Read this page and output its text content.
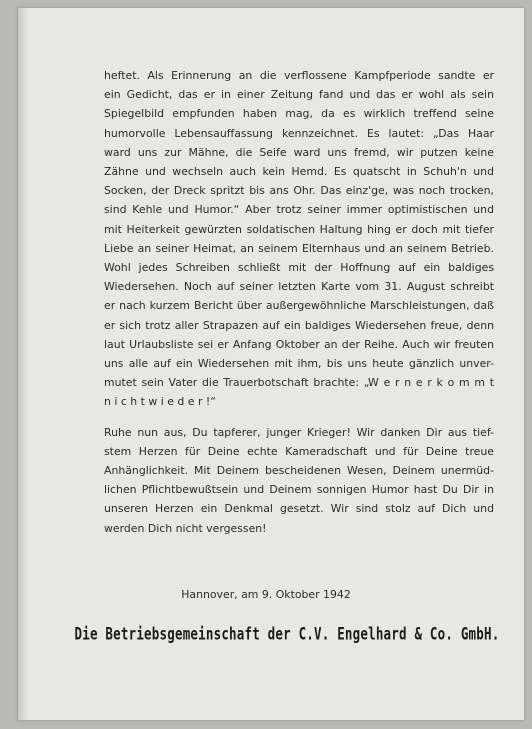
heftet. Als Erinnerung an die verflossene Kampfperiode sandte er
ein Gedicht, das er in einer Zeitung fand und das er wohl als sein
Spiegelbild empfunden haben mag, da es wirklich treffend seine
humorvolle Lebensauffassung kennzeichnet. Es lautet: „Das Haar
ward uns zur Mähne, die Seife ward uns fremd, wir putzen keine
Zähne und wechseln auch kein Hemd. Es quatscht in Schuh'n und
Socken, der Dreck spritzt bis ans Ohr. Das einz'ge, was noch trocken,
sind Kehle und Humor.“ Aber trotz seiner immer optimistischen und
mit Heiterkeit gewürzten soldatischen Haltung hing er doch mit tiefer
Liebe an seiner Heimat, an seinem Elternhaus und an seinem Betrieb.
Wohl jedes Schreiben schließt mit der Hoffnung auf ein baldiges
Wiedersehen. Noch auf seiner letzten Karte vom 31. August schreibt
er nach kurzem Bericht über außergewöhnliche Marschleistungen, daß
er sich trotz aller Strapazen auf ein baldiges Wiedersehen freue, denn
laut Urlaubsliste sei er Anfang Oktober an der Reihe. Auch wir freuten
uns alle auf ein Wiedersehen mit ihm, bis uns heute gänzlich unver-
mutet sein Vater die Trauerbotschaft brachte: „W e r n e r k o m m t
n i c h t w i e d e r !“
Ruhe nun aus, Du tapferer, junger Krieger! Wir danken Dir aus tief-
stem Herzen für Deine echte Kameradschaft und für Deine treue
Anhänglichkeit. Mit Deinem bescheidenen Wesen, Deinem unermüd-
lichen Pflichtbewußtsein und Deinem sonnigen Humor hast Du Dir in
unseren Herzen ein Denkmal gesetzt. Wir sind stolz auf Dich und
werden Dich nicht vergessen!
Hannover, am 9. Oktober 1942
Die Betriebsgemeinschaft der C.V. Engelhard & Co. GmbH.
